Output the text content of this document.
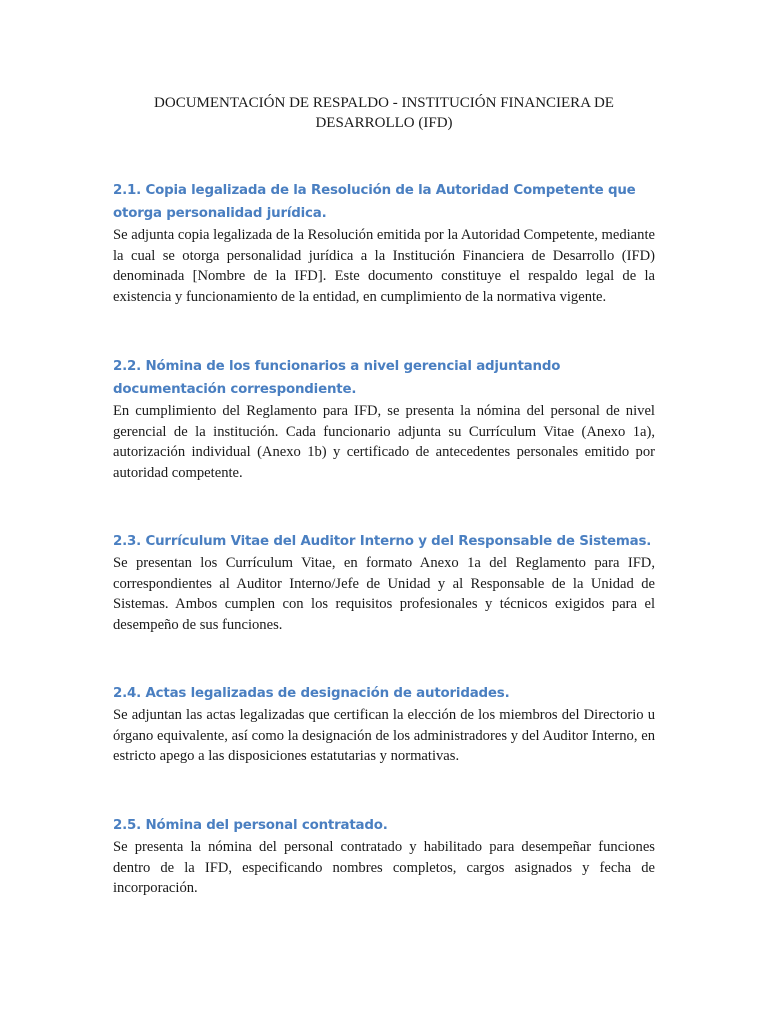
DOCUMENTACIÓN DE RESPALDO - INSTITUCIÓN FINANCIERA DE DESARROLLO (IFD)
2.1. Copia legalizada de la Resolución de la Autoridad Competente que otorga personalidad jurídica.

Se adjunta copia legalizada de la Resolución emitida por la Autoridad Competente, mediante la cual se otorga personalidad jurídica a la Institución Financiera de Desarrollo (IFD) denominada [Nombre de la IFD]. Este documento constituye el respaldo legal de la existencia y funcionamiento de la entidad, en cumplimiento de la normativa vigente.

2.2. Nómina de los funcionarios a nivel gerencial adjuntando documentación correspondiente.

En cumplimiento del Reglamento para IFD, se presenta la nómina del personal de nivel gerencial de la institución. Cada funcionario adjunta su Currículum Vitae (Anexo 1a), autorización individual (Anexo 1b) y certificado de antecedentes personales emitido por autoridad competente.

2.3. Currículum Vitae del Auditor Interno y del Responsable de Sistemas.

Se presentan los Currículum Vitae, en formato Anexo 1a del Reglamento para IFD, correspondientes al Auditor Interno/Jefe de Unidad y al Responsable de la Unidad de Sistemas. Ambos cumplen con los requisitos profesionales y técnicos exigidos para el desempeño de sus funciones.

2.4. Actas legalizadas de designación de autoridades.

Se adjuntan las actas legalizadas que certifican la elección de los miembros del Directorio u órgano equivalente, así como la designación de los administradores y del Auditor Interno, en estricto apego a las disposiciones estatutarias y normativas.

2.5. Nómina del personal contratado.

Se presenta la nómina del personal contratado y habilitado para desempeñar funciones dentro de la IFD, especificando nombres completos, cargos asignados y fecha de incorporación.
